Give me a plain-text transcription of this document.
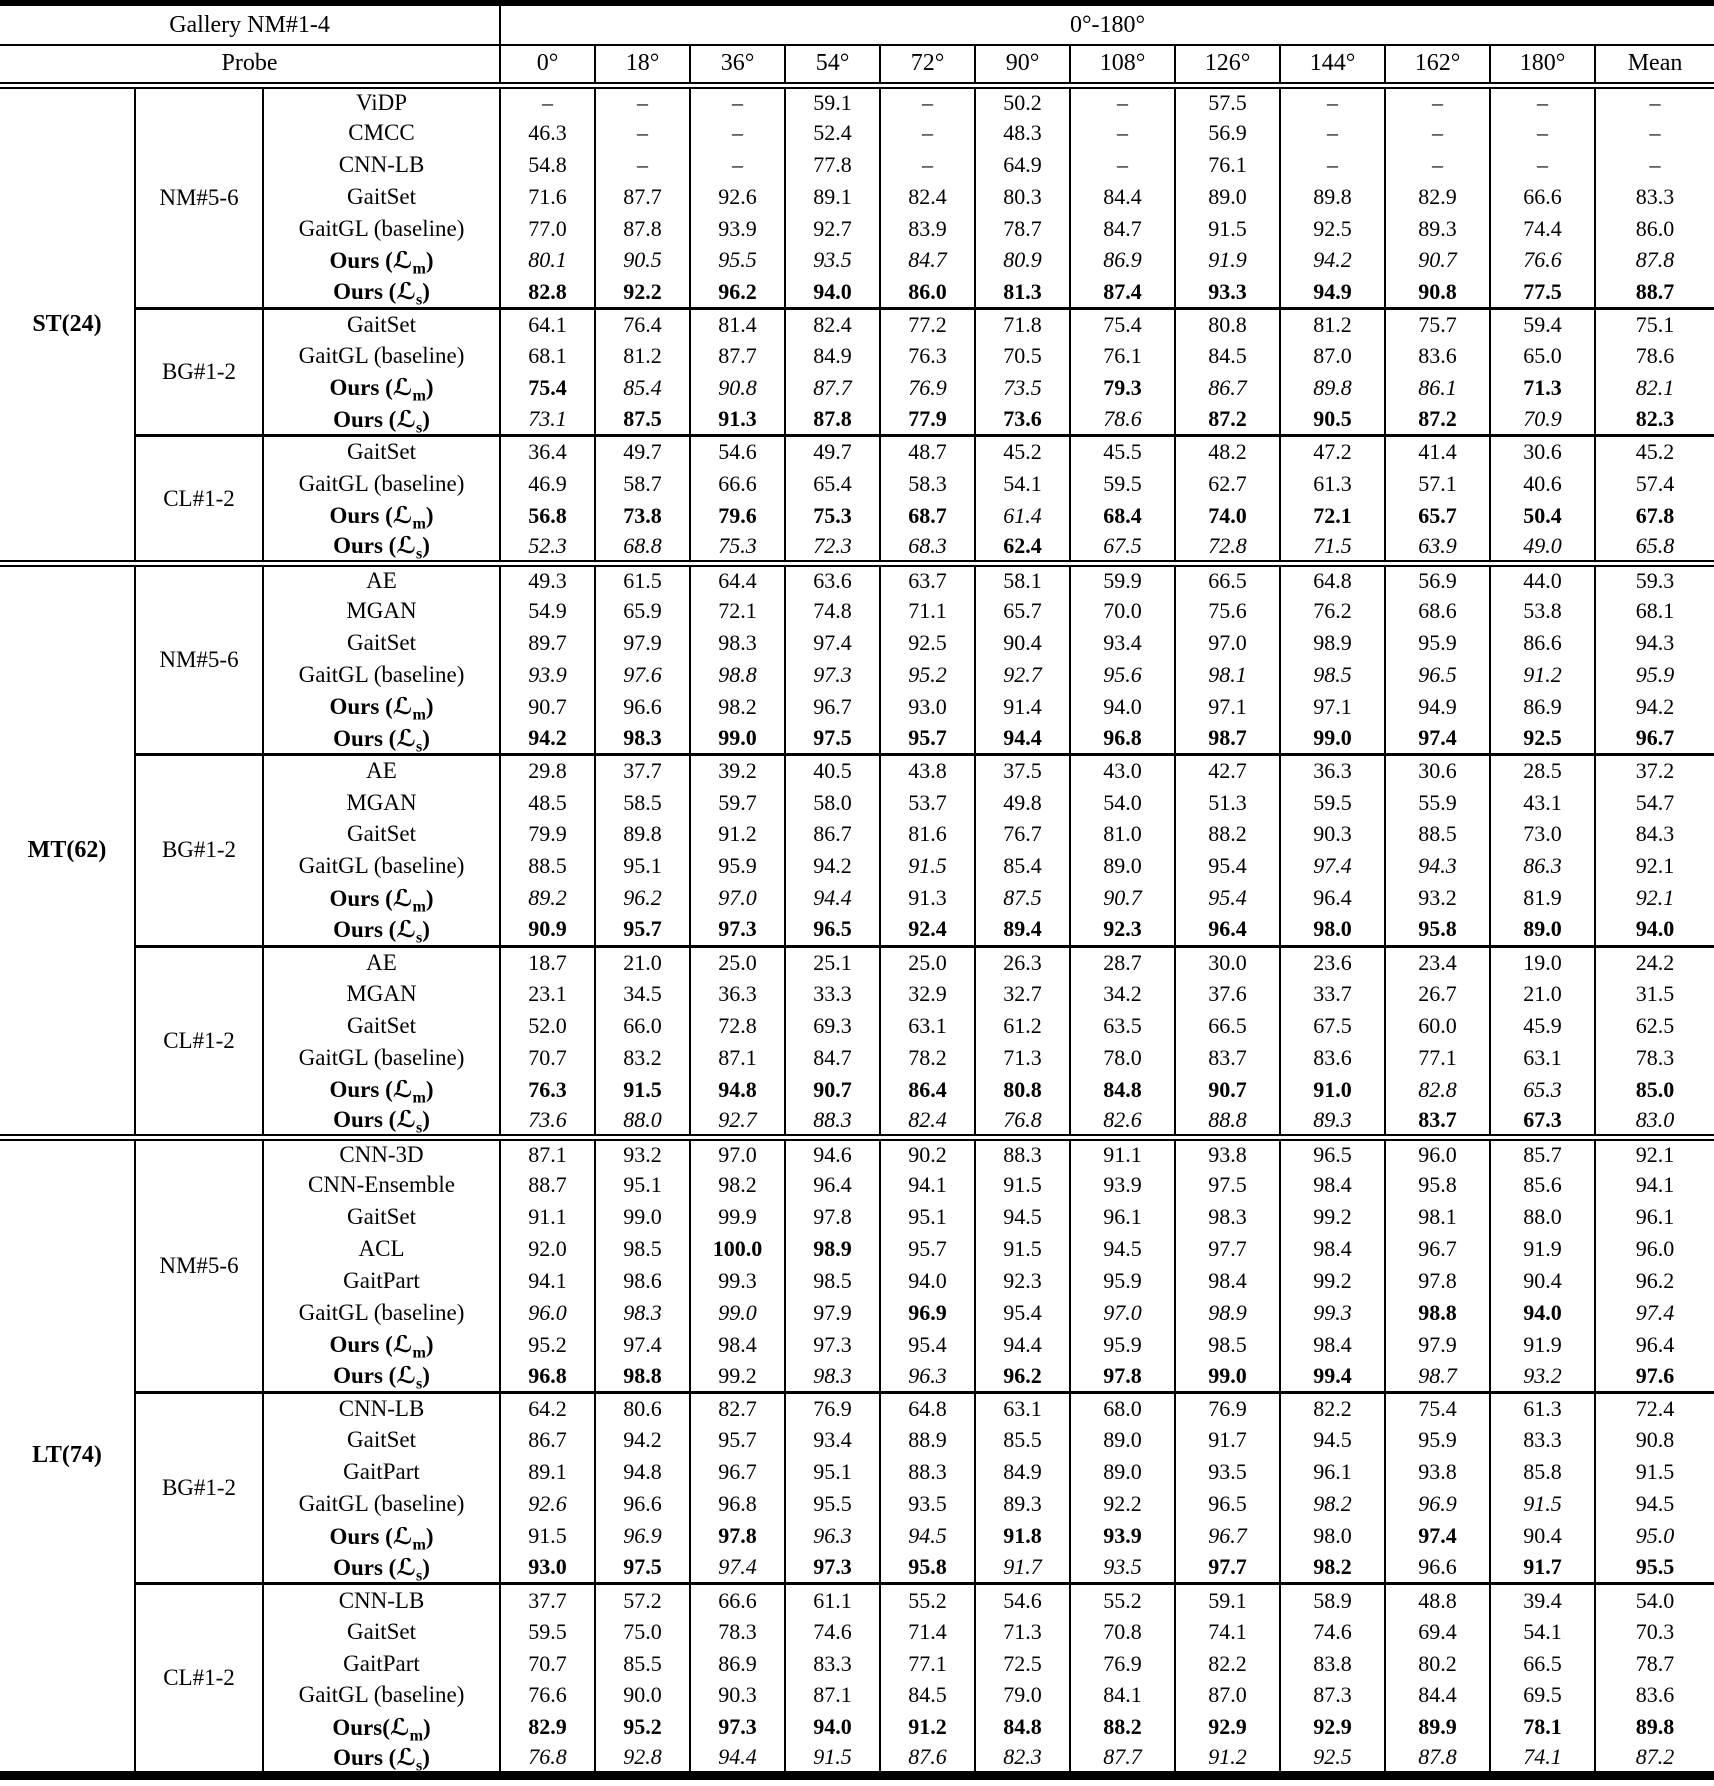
Gallery NM#1-4			0°-180°											
Probe			0°	18°	36°	54°	72°	90°	108°	126°	144°	162°	180°	Mean
ST(24)	NM#5-6	ViDP	–	–	–	59.1	–	50.2	–	57.5	–	–	–	–
		CMCC	46.3	–	–	52.4	–	48.3	–	56.9	–	–	–	–
		CNN-LB	54.8	–	–	77.8	–	64.9	–	76.1	–	–	–	–
		GaitSet	71.6	87.7	92.6	89.1	82.4	80.3	84.4	89.0	89.8	82.9	66.6	83.3
		GaitGL (baseline)	77.0	87.8	93.9	92.7	83.9	78.7	84.7	91.5	92.5	89.3	74.4	86.0
		Ours (ℒ$_m$)	80.1	90.5	95.5	93.5	84.7	80.9	86.9	91.9	94.2	90.7	76.6	87.8
		Ours (ℒ$_s$)	82.8	92.2	96.2	94.0	86.0	81.3	87.4	93.3	94.9	90.8	77.5	88.7
	BG#1-2	GaitSet	64.1	76.4	81.4	82.4	77.2	71.8	75.4	80.8	81.2	75.7	59.4	75.1
		GaitGL (baseline)	68.1	81.2	87.7	84.9	76.3	70.5	76.1	84.5	87.0	83.6	65.0	78.6
		Ours (ℒ$_m$)	75.4	85.4	90.8	87.7	76.9	73.5	79.3	86.7	89.8	86.1	71.3	82.1
		Ours (ℒ$_s$)	73.1	87.5	91.3	87.8	77.9	73.6	78.6	87.2	90.5	87.2	70.9	82.3
	CL#1-2	GaitSet	36.4	49.7	54.6	49.7	48.7	45.2	45.5	48.2	47.2	41.4	30.6	45.2
		GaitGL (baseline)	46.9	58.7	66.6	65.4	58.3	54.1	59.5	62.7	61.3	57.1	40.6	57.4
		Ours (ℒ$_m$)	56.8	73.8	79.6	75.3	68.7	61.4	68.4	74.0	72.1	65.7	50.4	67.8
		Ours (ℒ$_s$)	52.3	68.8	75.3	72.3	68.3	62.4	67.5	72.8	71.5	63.9	49.0	65.8
MT(62)	NM#5-6	AE	49.3	61.5	64.4	63.6	63.7	58.1	59.9	66.5	64.8	56.9	44.0	59.3
		MGAN	54.9	65.9	72.1	74.8	71.1	65.7	70.0	75.6	76.2	68.6	53.8	68.1
		GaitSet	89.7	97.9	98.3	97.4	92.5	90.4	93.4	97.0	98.9	95.9	86.6	94.3
		GaitGL (baseline)	93.9	97.6	98.8	97.3	95.2	92.7	95.6	98.1	98.5	96.5	91.2	95.9
		Ours (ℒ$_m$)	90.7	96.6	98.2	96.7	93.0	91.4	94.0	97.1	97.1	94.9	86.9	94.2
		Ours (ℒ$_s$)	94.2	98.3	99.0	97.5	95.7	94.4	96.8	98.7	99.0	97.4	92.5	96.7
	BG#1-2	AE	29.8	37.7	39.2	40.5	43.8	37.5	43.0	42.7	36.3	30.6	28.5	37.2
		MGAN	48.5	58.5	59.7	58.0	53.7	49.8	54.0	51.3	59.5	55.9	43.1	54.7
		GaitSet	79.9	89.8	91.2	86.7	81.6	76.7	81.0	88.2	90.3	88.5	73.0	84.3
		GaitGL (baseline)	88.5	95.1	95.9	94.2	91.5	85.4	89.0	95.4	97.4	94.3	86.3	92.1
		Ours (ℒ$_m$)	89.2	96.2	97.0	94.4	91.3	87.5	90.7	95.4	96.4	93.2	81.9	92.1
		Ours (ℒ$_s$)	90.9	95.7	97.3	96.5	92.4	89.4	92.3	96.4	98.0	95.8	89.0	94.0
	CL#1-2	AE	18.7	21.0	25.0	25.1	25.0	26.3	28.7	30.0	23.6	23.4	19.0	24.2
		MGAN	23.1	34.5	36.3	33.3	32.9	32.7	34.2	37.6	33.7	26.7	21.0	31.5
		GaitSet	52.0	66.0	72.8	69.3	63.1	61.2	63.5	66.5	67.5	60.0	45.9	62.5
		GaitGL (baseline)	70.7	83.2	87.1	84.7	78.2	71.3	78.0	83.7	83.6	77.1	63.1	78.3
		Ours (ℒ$_m$)	76.3	91.5	94.8	90.7	86.4	80.8	84.8	90.7	91.0	82.8	65.3	85.0
		Ours (ℒ$_s$)	73.6	88.0	92.7	88.3	82.4	76.8	82.6	88.8	89.3	83.7	67.3	83.0
LT(74)	NM#5-6	CNN-3D	87.1	93.2	97.0	94.6	90.2	88.3	91.1	93.8	96.5	96.0	85.7	92.1
		CNN-Ensemble	88.7	95.1	98.2	96.4	94.1	91.5	93.9	97.5	98.4	95.8	85.6	94.1
		GaitSet	91.1	99.0	99.9	97.8	95.1	94.5	96.1	98.3	99.2	98.1	88.0	96.1
		ACL	92.0	98.5	100.0	98.9	95.7	91.5	94.5	97.7	98.4	96.7	91.9	96.0
		GaitPart	94.1	98.6	99.3	98.5	94.0	92.3	95.9	98.4	99.2	97.8	90.4	96.2
		GaitGL (baseline)	96.0	98.3	99.0	97.9	96.9	95.4	97.0	98.9	99.3	98.8	94.0	97.4
		Ours (ℒ$_m$)	95.2	97.4	98.4	97.3	95.4	94.4	95.9	98.5	98.4	97.9	91.9	96.4
		Ours (ℒ$_s$)	96.8	98.8	99.2	98.3	96.3	96.2	97.8	99.0	99.4	98.7	93.2	97.6
	BG#1-2	CNN-LB	64.2	80.6	82.7	76.9	64.8	63.1	68.0	76.9	82.2	75.4	61.3	72.4
		GaitSet	86.7	94.2	95.7	93.4	88.9	85.5	89.0	91.7	94.5	95.9	83.3	90.8
		GaitPart	89.1	94.8	96.7	95.1	88.3	84.9	89.0	93.5	96.1	93.8	85.8	91.5
		GaitGL (baseline)	92.6	96.6	96.8	95.5	93.5	89.3	92.2	96.5	98.2	96.9	91.5	94.5
		Ours (ℒ$_m$)	91.5	96.9	97.8	96.3	94.5	91.8	93.9	96.7	98.0	97.4	90.4	95.0
		Ours (ℒ$_s$)	93.0	97.5	97.4	97.3	95.8	91.7	93.5	97.7	98.2	96.6	91.7	95.5
	CL#1-2	CNN-LB	37.7	57.2	66.6	61.1	55.2	54.6	55.2	59.1	58.9	48.8	39.4	54.0
		GaitSet	59.5	75.0	78.3	74.6	71.4	71.3	70.8	74.1	74.6	69.4	54.1	70.3
		GaitPart	70.7	85.5	86.9	83.3	77.1	72.5	76.9	82.2	83.8	80.2	66.5	78.7
		GaitGL (baseline)	76.6	90.0	90.3	87.1	84.5	79.0	84.1	87.0	87.3	84.4	69.5	83.6
		Ours(ℒ$_m$)	82.9	95.2	97.3	94.0	91.2	84.8	88.2	92.9	92.9	89.9	78.1	89.8
		Ours (ℒ$_s$)	76.8	92.8	94.4	91.5	87.6	82.3	87.7	91.2	92.5	87.8	74.1	87.2
